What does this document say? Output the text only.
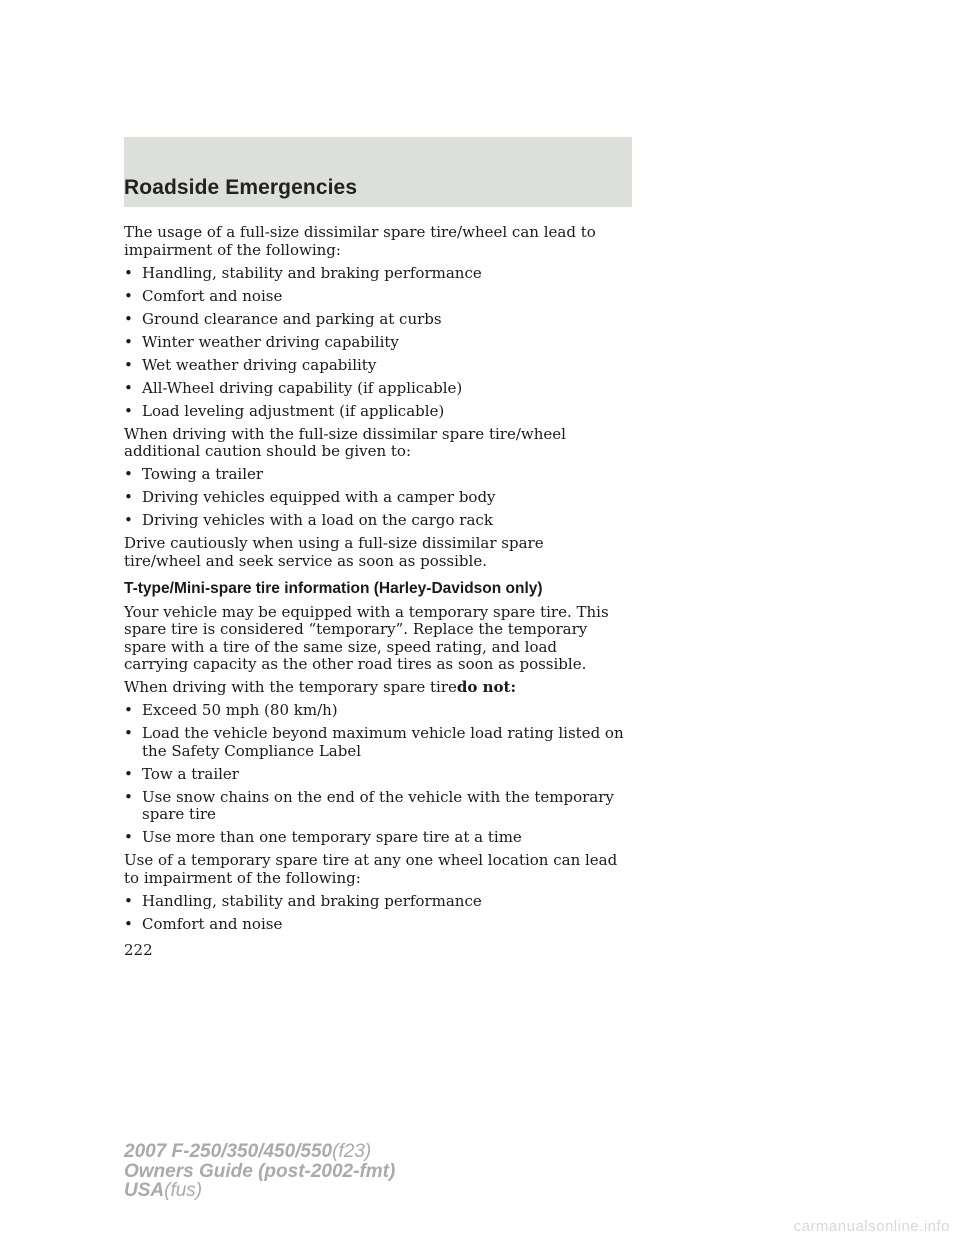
Roadside Emergencies

The usage of a full-size dissimilar spare tire/wheel can lead to impairment of the following:

• Handling, stability and braking performance
• Comfort and noise
• Ground clearance and parking at curbs
• Winter weather driving capability
• Wet weather driving capability
• All-Wheel driving capability (if applicable)
• Load leveling adjustment (if applicable)

When driving with the full-size dissimilar spare tire/wheel additional caution should be given to:

• Towing a trailer
• Driving vehicles equipped with a camper body
• Driving vehicles with a load on the cargo rack

Drive cautiously when using a full-size dissimilar spare tire/wheel and seek service as soon as possible.

T-type/Mini-spare tire information (Harley-Davidson only)

Your vehicle may be equipped with a temporary spare tire. This spare tire is considered “temporary”. Replace the temporary spare with a tire of the same size, speed rating, and load carrying capacity as the other road tires as soon as possible.

When driving with the temporary spare tiredo not:

• Exceed 50 mph (80 km/h)
• Load the vehicle beyond maximum vehicle load rating listed on the Safety Compliance Label
• Tow a trailer
• Use snow chains on the end of the vehicle with the temporary spare tire
• Use more than one temporary spare tire at a time

Use of a temporary spare tire at any one wheel location can lead to impairment of the following:

• Handling, stability and braking performance
• Comfort and noise
222
2007 F-250/350/450/550(f23)
Owners Guide (post-2002-fmt)
USA(fus)
carmanualsonline.info
